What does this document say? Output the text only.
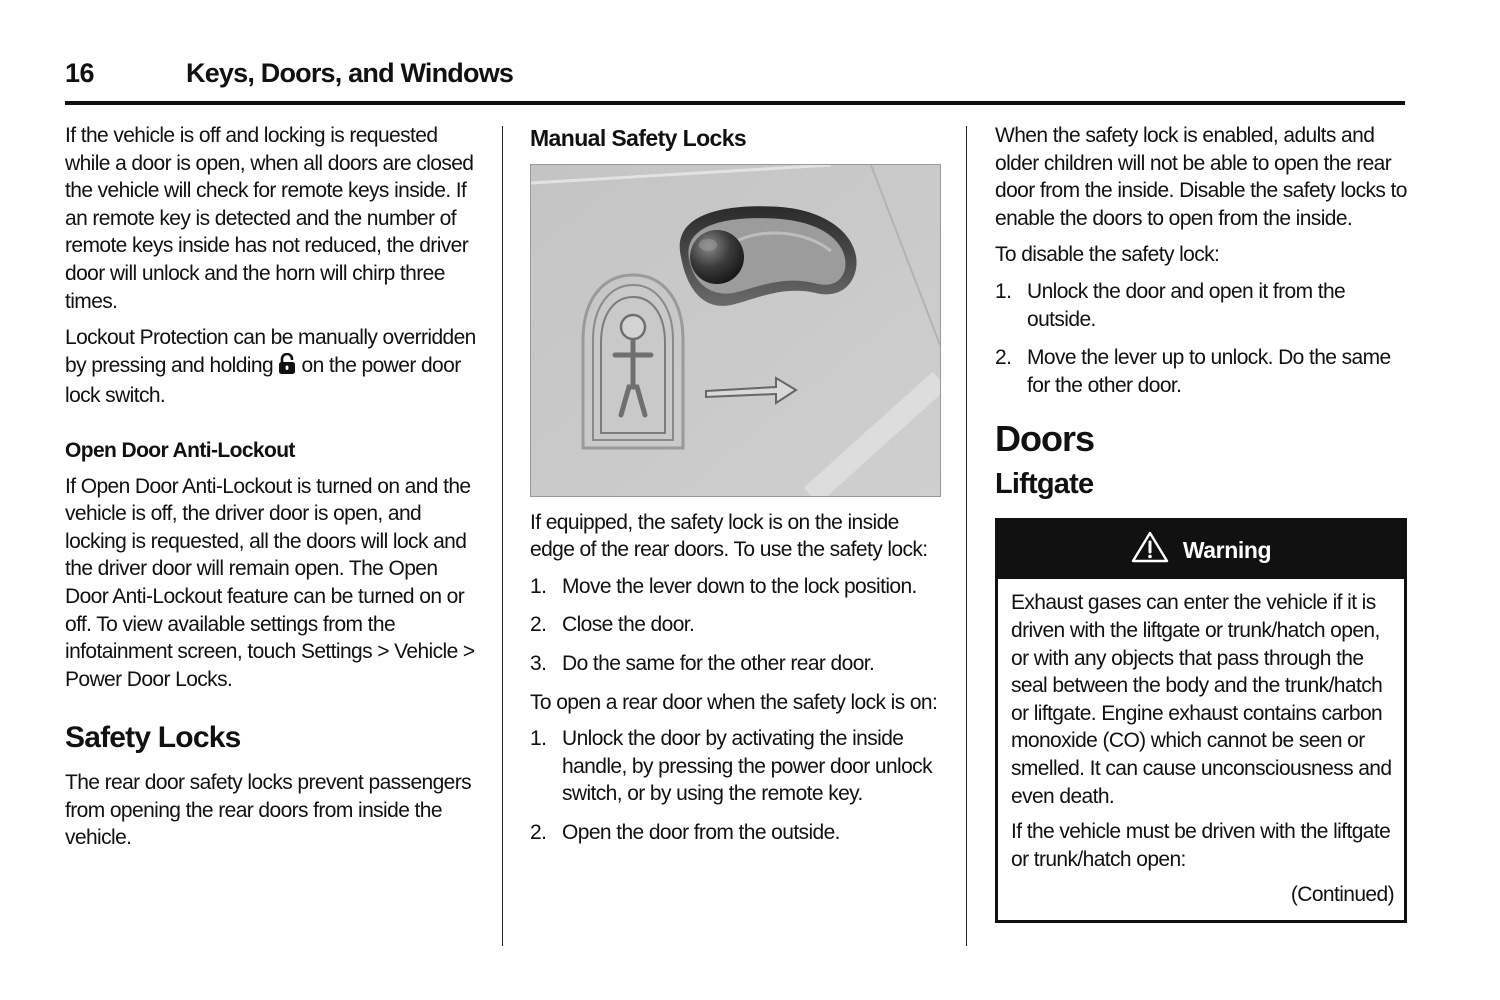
16	Keys, Doors, and Windows

If the vehicle is off and locking is requested while a door is open, when all doors are closed the vehicle will check for remote keys inside. If an remote key is detected and the number of remote keys inside has not reduced, the driver door will unlock and the horn will chirp three times.

Lockout Protection can be manually overridden by pressing and holding  on the power door lock switch.

Open Door Anti-Lockout

If Open Door Anti-Lockout is turned on and the vehicle is off, the driver door is open, and locking is requested, all the doors will lock and the driver door will remain open. The Open Door Anti-Lockout feature can be turned on or off. To view available settings from the infotainment screen, touch Settings > Vehicle > Power Door Locks.

Safety Locks

The rear door safety locks prevent passengers from opening the rear doors from inside the vehicle.

Manual Safety Locks

If equipped, the safety lock is on the inside edge of the rear doors. To use the safety lock:

1. Move the lever down to the lock position.
2. Close the door.
3. Do the same for the other rear door.

To open a rear door when the safety lock is on:

1. Unlock the door by activating the inside handle, by pressing the power door unlock switch, or by using the remote key.
2. Open the door from the outside.

When the safety lock is enabled, adults and older children will not be able to open the rear door from the inside. Disable the safety locks to enable the doors to open from the inside.

To disable the safety lock:

1. Unlock the door and open it from the outside.
2. Move the lever up to unlock. Do the same for the other door.
Doors
Liftgate
Warning

Exhaust gases can enter the vehicle if it is driven with the liftgate or trunk/hatch open, or with any objects that pass through the seal between the body and the trunk/hatch or liftgate. Engine exhaust contains carbon monoxide (CO) which cannot be seen or smelled. It can cause unconsciousness and even death.

If the vehicle must be driven with the liftgate or trunk/hatch open:

(Continued)
